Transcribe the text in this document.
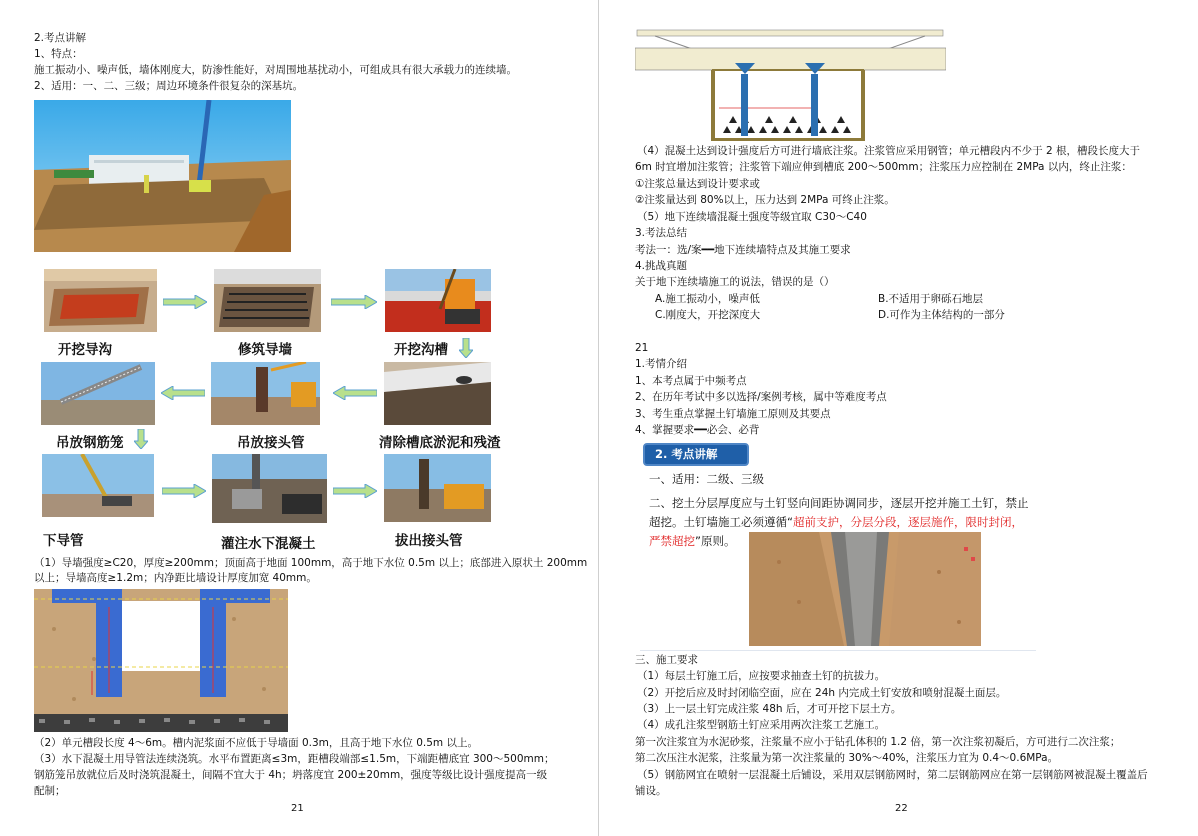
2.考点讲解
1、特点：
施工振动小、噪声低，墙体刚度大，防渗性能好，对周围地基扰动小，可组成具有很大承载力的连续墙。
2、适用：一、二、三级；周边环境条件很复杂的深基坑。
开挖导沟	修筑导墙	开挖沟槽
清除槽底淤泥和残渣
吊放接头管
吊放钢筋笼
下导管	灌注水下混凝土	拔出接头管
（1）导墙强度≥C20，厚度≥200mm；顶面高于地面 100mm，高于地下水位 0.5m 以上；底部进入原状土 200mm
以上；导墙高度≥1.2m；内净距比墙设计厚度加宽 40mm。
（2）单元槽段长度 4～6m。槽内泥浆面不应低于导墙面 0.3m，且高于地下水位 0.5m 以上。
（3）水下混凝土用导管法连续浇筑。水平布置距离≤3m，距槽段端部≤1.5m，下端距槽底宜 300～500mm；
钢筋笼吊放就位后及时浇筑混凝土，间隔不宜大于 4h；坍落度宜 200±20mm，强度等级比设计强度提高一级
配制；
21
（4）混凝土达到设计强度后方可进行墙底注浆。注浆管应采用钢管；单元槽段内不少于 2 根，槽段长度大于
6m 时宜增加注浆管；注浆管下端应伸到槽底 200～500mm；注浆压力应控制在 2MPa 以内，终止注浆：
①注浆总量达到设计要求或
②注浆量达到 80%以上，压力达到 2MPa 可终止注浆。
（5）地下连续墙混凝土强度等级宜取 C30～C40
3.考法总结
考法一：选/案━━地下连续墙特点及其施工要求
4.挑战真题
关于地下连续墙施工的说法，错误的是（）
A.施工振动小，噪声低	B.不适用于卵砾石地层
C.刚度大，开挖深度大	D.可作为主体结构的一部分
21
1.考情介绍
1、本考点属于中频考点
2、在历年考试中多以选择/案例考核，属中等难度考点
3、考生重点掌握土钉墙施工原则及其要点
4、掌握要求━━必会、必背
2. 考点讲解
一、适用：二级、三级
二、挖土分层厚度应与土钉竖向间距协调同步，逐层开挖并施工土钉，禁止
超挖。土钉墙施工必须遵循“超前支护，分层分段，逐层施作，限时封闭，
严禁超挖”原则。
三、施工要求
（1）每层土钉施工后，应按要求抽查土钉的抗拔力。
（2）开挖后应及时封闭临空面，应在 24h 内完成土钉安放和喷射混凝土面层。
（3）上一层土钉完成注浆 48h 后，才可开挖下层土方。
（4）成孔注浆型钢筋土钉应采用两次注浆工艺施工。
第一次注浆宜为水泥砂浆，注浆量不应小于钻孔体积的 1.2 倍，第一次注浆初凝后，方可进行二次注浆；
第二次压注水泥浆，注浆量为第一次注浆量的 30%～40%，注浆压力宜为 0.4～0.6MPa。
（5）钢筋网宜在喷射一层混凝土后铺设，采用双层钢筋网时，第二层钢筋网应在第一层钢筋网被混凝土覆盖后
铺设。
22
